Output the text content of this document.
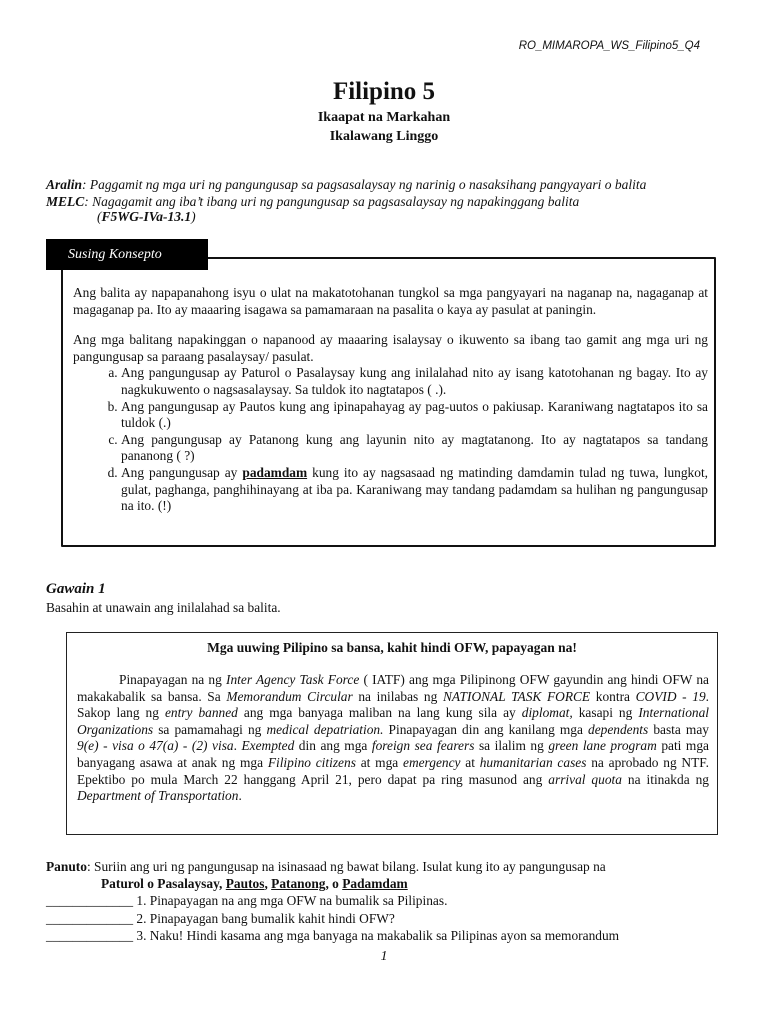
RO_MIMAROPA_WS_Filipino5_Q4
Filipino 5
Ikaapat na Markahan
Ikalawang Linggo
Aralin: Paggamit ng mga uri ng pangungusap sa pagsasalaysay ng narinig o nasaksihang pangyayari o balita
MELC: Nagagamit ang iba’t ibang uri ng pangungusap sa pagsasalaysay ng napakinggang balita
(F5WG-IVa-13.1)
Susing Konsepto

Ang balita ay napapanahong isyu o ulat na makatotohanan tungkol sa mga pangyayari na naganap na, nagaganap at magaganap pa. Ito ay maaaring isagawa sa pamamaraan na pasalita o kaya ay pasulat at paningin.

Ang mga balitang napakinggan o napanood ay maaaring isalaysay o ikuwento sa ibang tao gamit ang mga uri ng pangungusap sa paraang pasalaysay/ pasulat.

a. Ang pangungusap ay Paturol o Pasalaysay kung ang inilalahad nito ay isang katotohanan ng bagay. Ito ay nagkukuwento o nagsasalaysay. Sa tuldok ito nagtatapos ( .).
b. Ang pangungusap ay Pautos kung ang ipinapahayag ay pag-uutos o pakiusap. Karaniwang nagtatapos ito sa tuldok (.)
c. Ang pangungusap ay Patanong kung ang layunin nito ay magtatanong. Ito ay nagtatapos sa tandang pananong ( ?)
d. Ang pangungusap ay padamdam kung ito ay nagsasaad ng matinding damdamin tulad ng tuwa, lungkot, gulat, paghanga, panghihinayang at iba pa. Karaniwang may tandang padamdam sa hulihan ng pangungusap na ito. (!)
Gawain 1
Basahin at unawain ang inilalahad sa balita.
Mga uuwing Pilipino sa bansa, kahit hindi OFW, papayagan na!
Pinapayagan na ng Inter Agency Task Force ( IATF) ang mga Pilipinong OFW gayundin ang hindi OFW na makakabalik sa bansa. Sa Memorandum Circular na inilabas ng NATIONAL TASK FORCE kontra COVID - 19. Sakop lang ng entry banned ang mga banyaga maliban na lang kung sila ay diplomat, kasapi ng International Organizations sa pamamahagi ng medical depatriation. Pinapayagan din ang kanilang mga dependents basta may 9(e) - visa o 47(a) - (2) visa. Exempted din ang mga foreign sea fearers sa ilalim ng green lane program pati mga banyagang asawa at anak ng mga Filipino citizens at mga emergency at humanitarian cases na aprobado ng NTF. Epektibo po mula March 22 hanggang April 21, pero dapat pa ring masunod ang arrival quota na itinakda ng Department of Transportation.
Panuto: Suriin ang uri ng pangungusap na isinasaad ng bawat bilang. Isulat kung ito ay pangungusap na
Paturol o Pasalaysay, Pautos, Patanong, o Padamdam
_____________ 1. Pinapayagan na ang mga OFW na bumalik sa Pilipinas.
_____________ 2. Pinapayagan bang bumalik kahit hindi OFW?
_____________ 3. Naku! Hindi kasama ang mga banyaga na makabalik sa Pilipinas ayon sa memorandum
1
